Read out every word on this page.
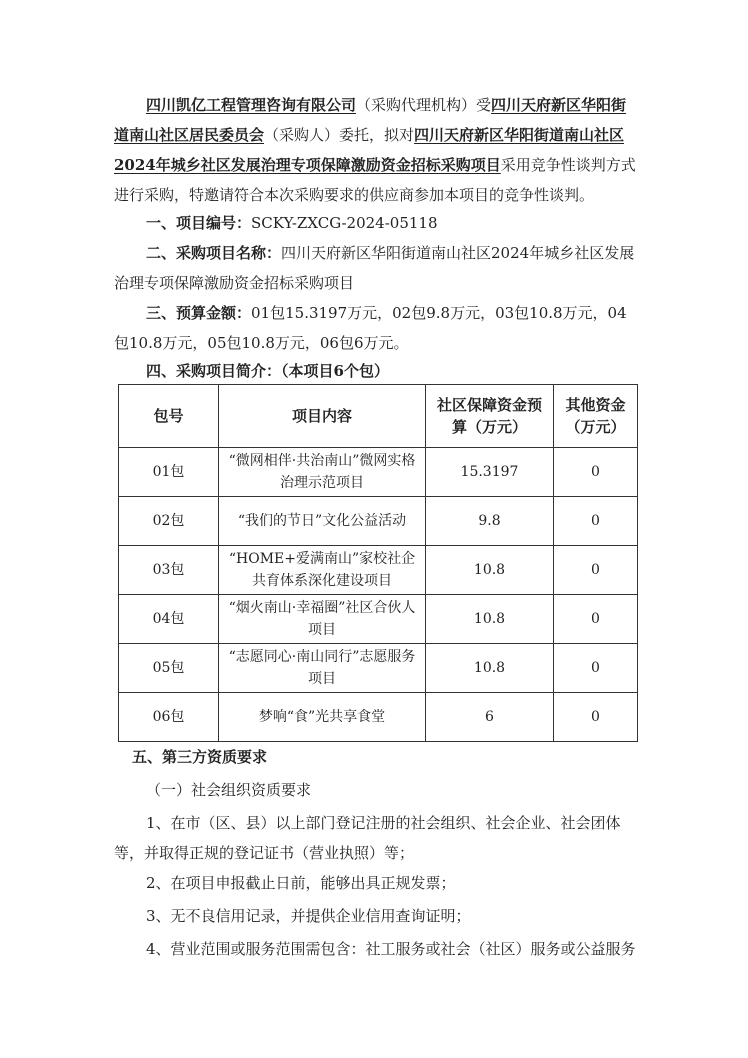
四川凯亿工程管理咨询有限公司（采购代理机构）受四川天府新区华阳街道南山社区居民委员会（采购人）委托，拟对四川天府新区华阳街道南山社区2024年城乡社区发展治理专项保障激励资金招标采购项目采用竞争性谈判方式进行采购，特邀请符合本次采购要求的供应商参加本项目的竞争性谈判。

一、项目编号：SCKY-ZXCG-2024-05118

二、采购项目名称：四川天府新区华阳街道南山社区2024年城乡社区发展治理专项保障激励资金招标采购项目

三、预算金额：01包15.3197万元，02包9.8万元，03包10.8万元，04包10.8万元，05包10.8万元，06包6万元。

四、采购项目简介：（本项目6个包）

包号	项目内容	社区保障资金预算（万元）	其他资金（万元）
01包	“微网相伴·共治南山”微网实格治理示范项目	15.3197	0
02包	“我们的节日”文化公益活动	9.8	0
03包	“HOME+爱满南山”家校社企共育体系深化建设项目	10.8	0
04包	“烟火南山·幸福圈”社区合伙人项目	10.8	0
05包	“志愿同心·南山同行”志愿服务项目	10.8	0
06包	梦响“食”光共享食堂	6	0

五、第三方资质要求

（一）社会组织资质要求

1、在市（区、县）以上部门登记注册的社会组织、社会企业、社会团体等，并取得正规的登记证书（营业执照）等；

2、在项目申报截止日前，能够出具正规发票；

3、无不良信用记录，并提供企业信用查询证明；

4、营业范围或服务范围需包含：社工服务或社会（社区）服务或公益服务
